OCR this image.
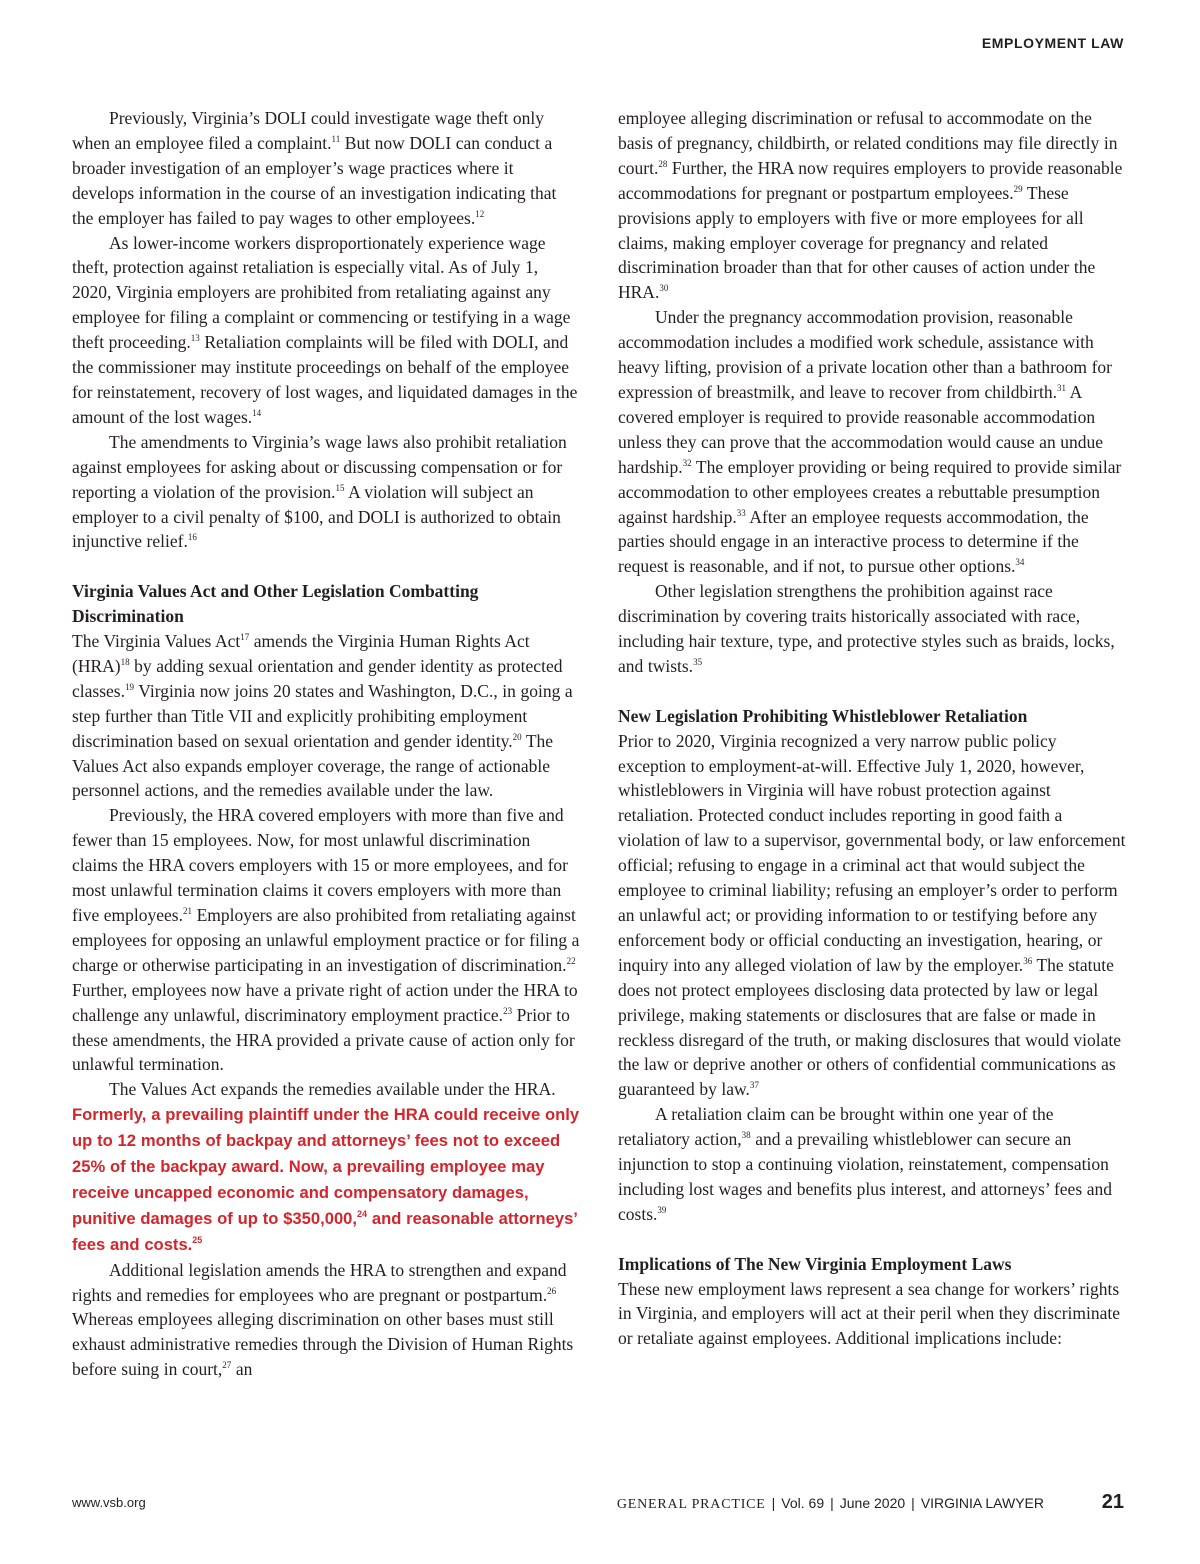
EMPLOYMENT LAW

Previously, Virginia’s DOLI could investigate wage theft only when an employee filed a complaint.$^{11}$ But now DOLI can conduct a broader investigation of an employer’s wage practices where it develops information in the course of an investigation indicating that the employer has failed to pay wages to other employees.$^{12}$

As lower-income workers disproportionately experience wage theft, protection against retaliation is especially vital. As of July 1, 2020, Virginia employers are prohibited from retaliating against any employee for filing a complaint or commencing or testifying in a wage theft proceeding.$^{13}$ Retaliation complaints will be filed with DOLI, and the commissioner may institute proceedings on behalf of the employee for reinstatement, recovery of lost wages, and liquidated damages in the amount of the lost wages.$^{14}$

The amendments to Virginia’s wage laws also prohibit retaliation against employees for asking about or discussing compensation or for reporting a violation of the provision.$^{15}$ A violation will subject an employer to a civil penalty of $100, and DOLI is authorized to obtain injunctive relief.$^{16}$

Virginia Values Act and Other Legislation Combatting Discrimination

The Virginia Values Act$^{17}$ amends the Virginia Human Rights Act (HRA)$^{18}$ by adding sexual orientation and gender identity as protected classes.$^{19}$ Virginia now joins 20 states and Washington, D.C., in going a step further than Title VII and explicitly prohibiting employment discrimination based on sexual orientation and gender identity.$^{20}$ The Values Act also expands employer coverage, the range of actionable personnel actions, and the remedies available under the law.

Previously, the HRA covered employers with more than five and fewer than 15 employees. Now, for most unlawful discrimination claims the HRA covers employers with 15 or more employees, and for most unlawful termination claims it covers employers with more than five employees.$^{21}$ Employers are also prohibited from retaliating against employees for opposing an unlawful employment practice or for filing a charge or otherwise participating in an investigation of discrimination.$^{22}$ Further, employees now have a private right of action under the HRA to challenge any unlawful, discriminatory employment practice.$^{23}$ Prior to these amendments, the HRA provided a private cause of action only for unlawful termination.

The Values Act expands the remedies available under the HRA. Formerly, a prevailing plaintiff under the HRA could receive only up to 12 months of backpay and attorneys’ fees not to exceed 25% of the backpay award. Now, a prevailing employee may receive uncapped economic and compensatory damages, punitive damages of up to $350,000,24 and reasonable attorneys’ fees and costs.$^{25}$

Additional legislation amends the HRA to strengthen and expand rights and remedies for employees who are pregnant or postpartum.$^{26}$ Whereas employees alleging discrimination on other bases must still exhaust administrative remedies through the Division of Human Rights before suing in court,$^{27}$ an

employee alleging discrimination or refusal to accommodate on the basis of pregnancy, childbirth, or related conditions may file directly in court.$^{28}$ Further, the HRA now requires employers to provide reasonable accommodations for pregnant or postpartum employees.$^{29}$ These provisions apply to employers with five or more employees for all claims, making employer coverage for pregnancy and related discrimination broader than that for other causes of action under the HRA.$^{30}$

Under the pregnancy accommodation provision, reasonable accommodation includes a modified work schedule, assistance with heavy lifting, provision of a private location other than a bathroom for expression of breastmilk, and leave to recover from childbirth.$^{31}$ A covered employer is required to provide reasonable accommodation unless they can prove that the accommodation would cause an undue hardship.$^{32}$ The employer providing or being required to provide similar accommodation to other employees creates a rebuttable presumption against hardship.$^{33}$ After an employee requests accommodation, the parties should engage in an interactive process to determine if the request is reasonable, and if not, to pursue other options.$^{34}$

Other legislation strengthens the prohibition against race discrimination by covering traits historically associated with race, including hair texture, type, and protective styles such as braids, locks, and twists.$^{35}$

New Legislation Prohibiting Whistleblower Retaliation

Prior to 2020, Virginia recognized a very narrow public policy exception to employment-at-will. Effective July 1, 2020, however, whistleblowers in Virginia will have robust protection against retaliation. Protected conduct includes reporting in good faith a violation of law to a supervisor, governmental body, or law enforcement official; refusing to engage in a criminal act that would subject the employee to criminal liability; refusing an employer’s order to perform an unlawful act; or providing information to or testifying before any enforcement body or official conducting an investigation, hearing, or inquiry into any alleged violation of law by the employer.$^{36}$ The statute does not protect employees disclosing data protected by law or legal privilege, making statements or disclosures that are false or made in reckless disregard of the truth, or making disclosures that would violate the law or deprive another or others of confidential communications as guaranteed by law.$^{37}$

A retaliation claim can be brought within one year of the retaliatory action,$^{38}$ and a prevailing whistleblower can secure an injunction to stop a continuing violation, reinstatement, compensation including lost wages and benefits plus interest, and attorneys’ fees and costs.$^{39}$

Implications of The New Virginia Employment Laws

These new employment laws represent a sea change for workers’ rights in Virginia, and employers will act at their peril when they discriminate or retaliate against employees. Additional implications include:

www.vsb.org	GENERAL PRACTICE | Vol. 69 | June 2020 | VIRGINIA LAWYER	21
